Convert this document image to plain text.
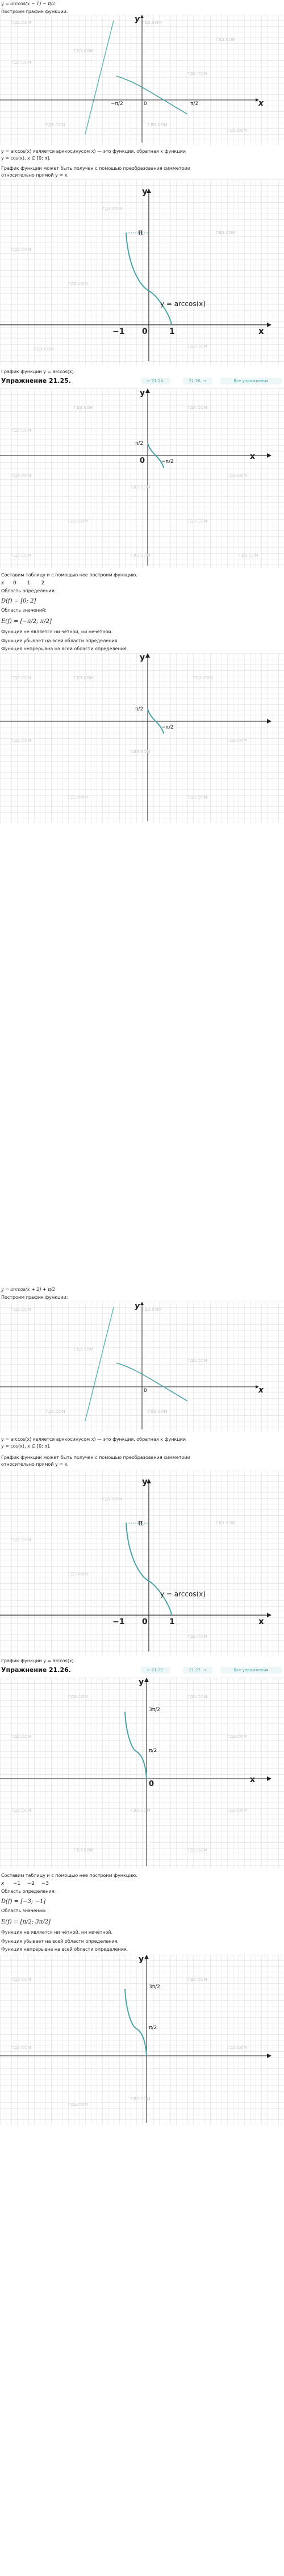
y = arccos(x − 1) − π/2
Построим график функции:
x
y
0
−π/2	π/2
ГДЗ.COM	ГДЗ.COM
ГДЗ.COM
ГДЗ.COM
ГДЗ.COM
ГДЗ.COM
ГДЗ.COM	ГДЗ.COM
ГДЗ.COM
y = arccos(x) является арккосинусом x) — это функция, обратная к функции
y = cos(x), x ∈ [0; π].
График функции может быть получен с помощью преобразования симметрии
относительно прямой y = x.
x
y
π
0
−1	1
y = arccos(x)
ГДЗ.COM
ГДЗ.COM
ГДЗ.COM
ГДЗ.COM
ГДЗ.COM
ГДЗ.COM
График функции y = arccos(x).
Упражнение 21.25.	← 21.24.	21.26. →	Все упражнения
x
y
0
π/2
−π/2
ГДЗ.COM	ГДЗ.COM
ГДЗ.COM
ГДЗ.COM
ГДЗ.COM
ГДЗ.COM
ГДЗ.COM	ГДЗ.COM
ГДЗ.COM	ГДЗ.COM	ГДЗ.COM
Составим таблицу и с помощью нее построим функцию.
x 0 1 2
Область определения:
D(f) = [0; 2]
Область значений:
E(f) = [−π/2; π/2]
Функция не является ни чётной, ни нечётной.
Функция убывает на всей области определения.
Функция непрерывна на всей области определения.
y
π/2
−π/2
ГДЗ.COM	ГДЗ.COM	ГДЗ.COM
ГДЗ.COM
ГДЗ.COM
ГДЗ.COM
ГДЗ.COM	ГДЗ.COM
y = arccos(x + 2) + π/2
Построим график функции:
x
y
0
ГДЗ.COM	ГДЗ.COM
ГДЗ.COM
ГДЗ.COM
ГДЗ.COM	ГДЗ.COM
y = arccos(x) является арккосинусом x) — это функция, обратная к функции
y = cos(x), x ∈ [0; π].
График функции может быть получен с помощью преобразования симметрии
относительно прямой y = x.
x
y
π
0
−1	1
y = arccos(x)
ГДЗ.COM
ГДЗ.COM
ГДЗ.COM
ГДЗ.COM
ГДЗ.COM
График функции y = arccos(x).
Упражнение 21.26.	← 21.25.	21.27. →	Все упражнения
x
y
0
3π/2
π/2
ГДЗ.COM	ГДЗ.COM
ГДЗ.COM	ГДЗ.COM
ГДЗ.COM	ГДЗ.COM	ГДЗ.COM
ГДЗ.COM	ГДЗ.COM
Составим таблицу и с помощью нее построим функцию.
x −1 −2 −3
Область определения:
D(f) = [−3; −1]
Область значений:
E(f) = [π/2; 3π/2]
Функция не является ни чётной, ни нечётной.
Функция убывает на всей области определения.
Функция непрерывна на всей области определения.
y
3π/2
π/2
ГДЗ.COM	ГДЗ.COM
ГДЗ.COM
ГДЗ.COM
ГДЗ.COM
ГДЗ.COM
